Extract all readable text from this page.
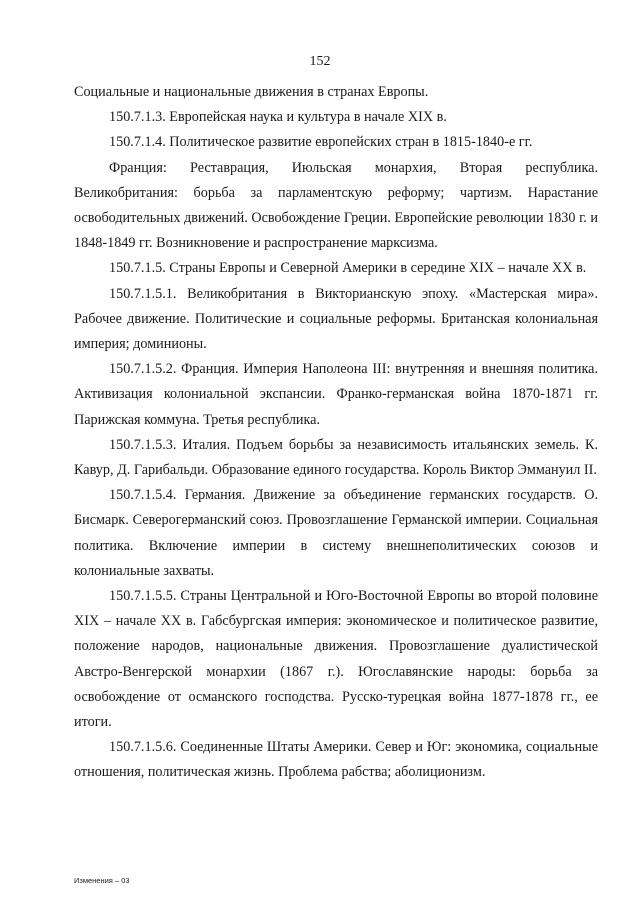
152

Социальные и национальные движения в странах Европы.

150.7.1.3. Европейская наука и культура в начале XIX в.

150.7.1.4. Политическое развитие европейских стран в 1815-1840-е гг.

Франция: Реставрация, Июльская монархия, Вторая республика. Великобритания: борьба за парламентскую реформу; чартизм. Нарастание освободительных движений. Освобождение Греции. Европейские революции 1830 г. и 1848-1849 гг. Возникновение и распространение марксизма.

150.7.1.5. Страны Европы и Северной Америки в середине XIX – начале XX в.

150.7.1.5.1. Великобритания в Викторианскую эпоху. «Мастерская мира». Рабочее движение. Политические и социальные реформы. Британская колониальная империя; доминионы.

150.7.1.5.2. Франция. Империя Наполеона III: внутренняя и внешняя политика. Активизация колониальной экспансии. Франко-германская война 1870-1871 гг. Парижская коммуна. Третья республика.

150.7.1.5.3. Италия. Подъем борьбы за независимость итальянских земель. К. Кавур, Д. Гарибальди. Образование единого государства. Король Виктор Эммануил II.

150.7.1.5.4. Германия. Движение за объединение германских государств. О. Бисмарк. Северогерманский союз. Провозглашение Германской империи. Социальная политика. Включение империи в систему внешнеполитических союзов и колониальные захваты.

150.7.1.5.5. Страны Центральной и Юго-Восточной Европы во второй половине XIX – начале XX в. Габсбургская империя: экономическое и политическое развитие, положение народов, национальные движения. Провозглашение дуалистической Австро-Венгерской монархии (1867 г.). Югославянские народы: борьба за освобождение от османского господства. Русско-турецкая война 1877-1878 гг., ее итоги.

150.7.1.5.6. Соединенные Штаты Америки. Север и Юг: экономика, социальные отношения, политическая жизнь. Проблема рабства; аболиционизм.

Изменения – 03
